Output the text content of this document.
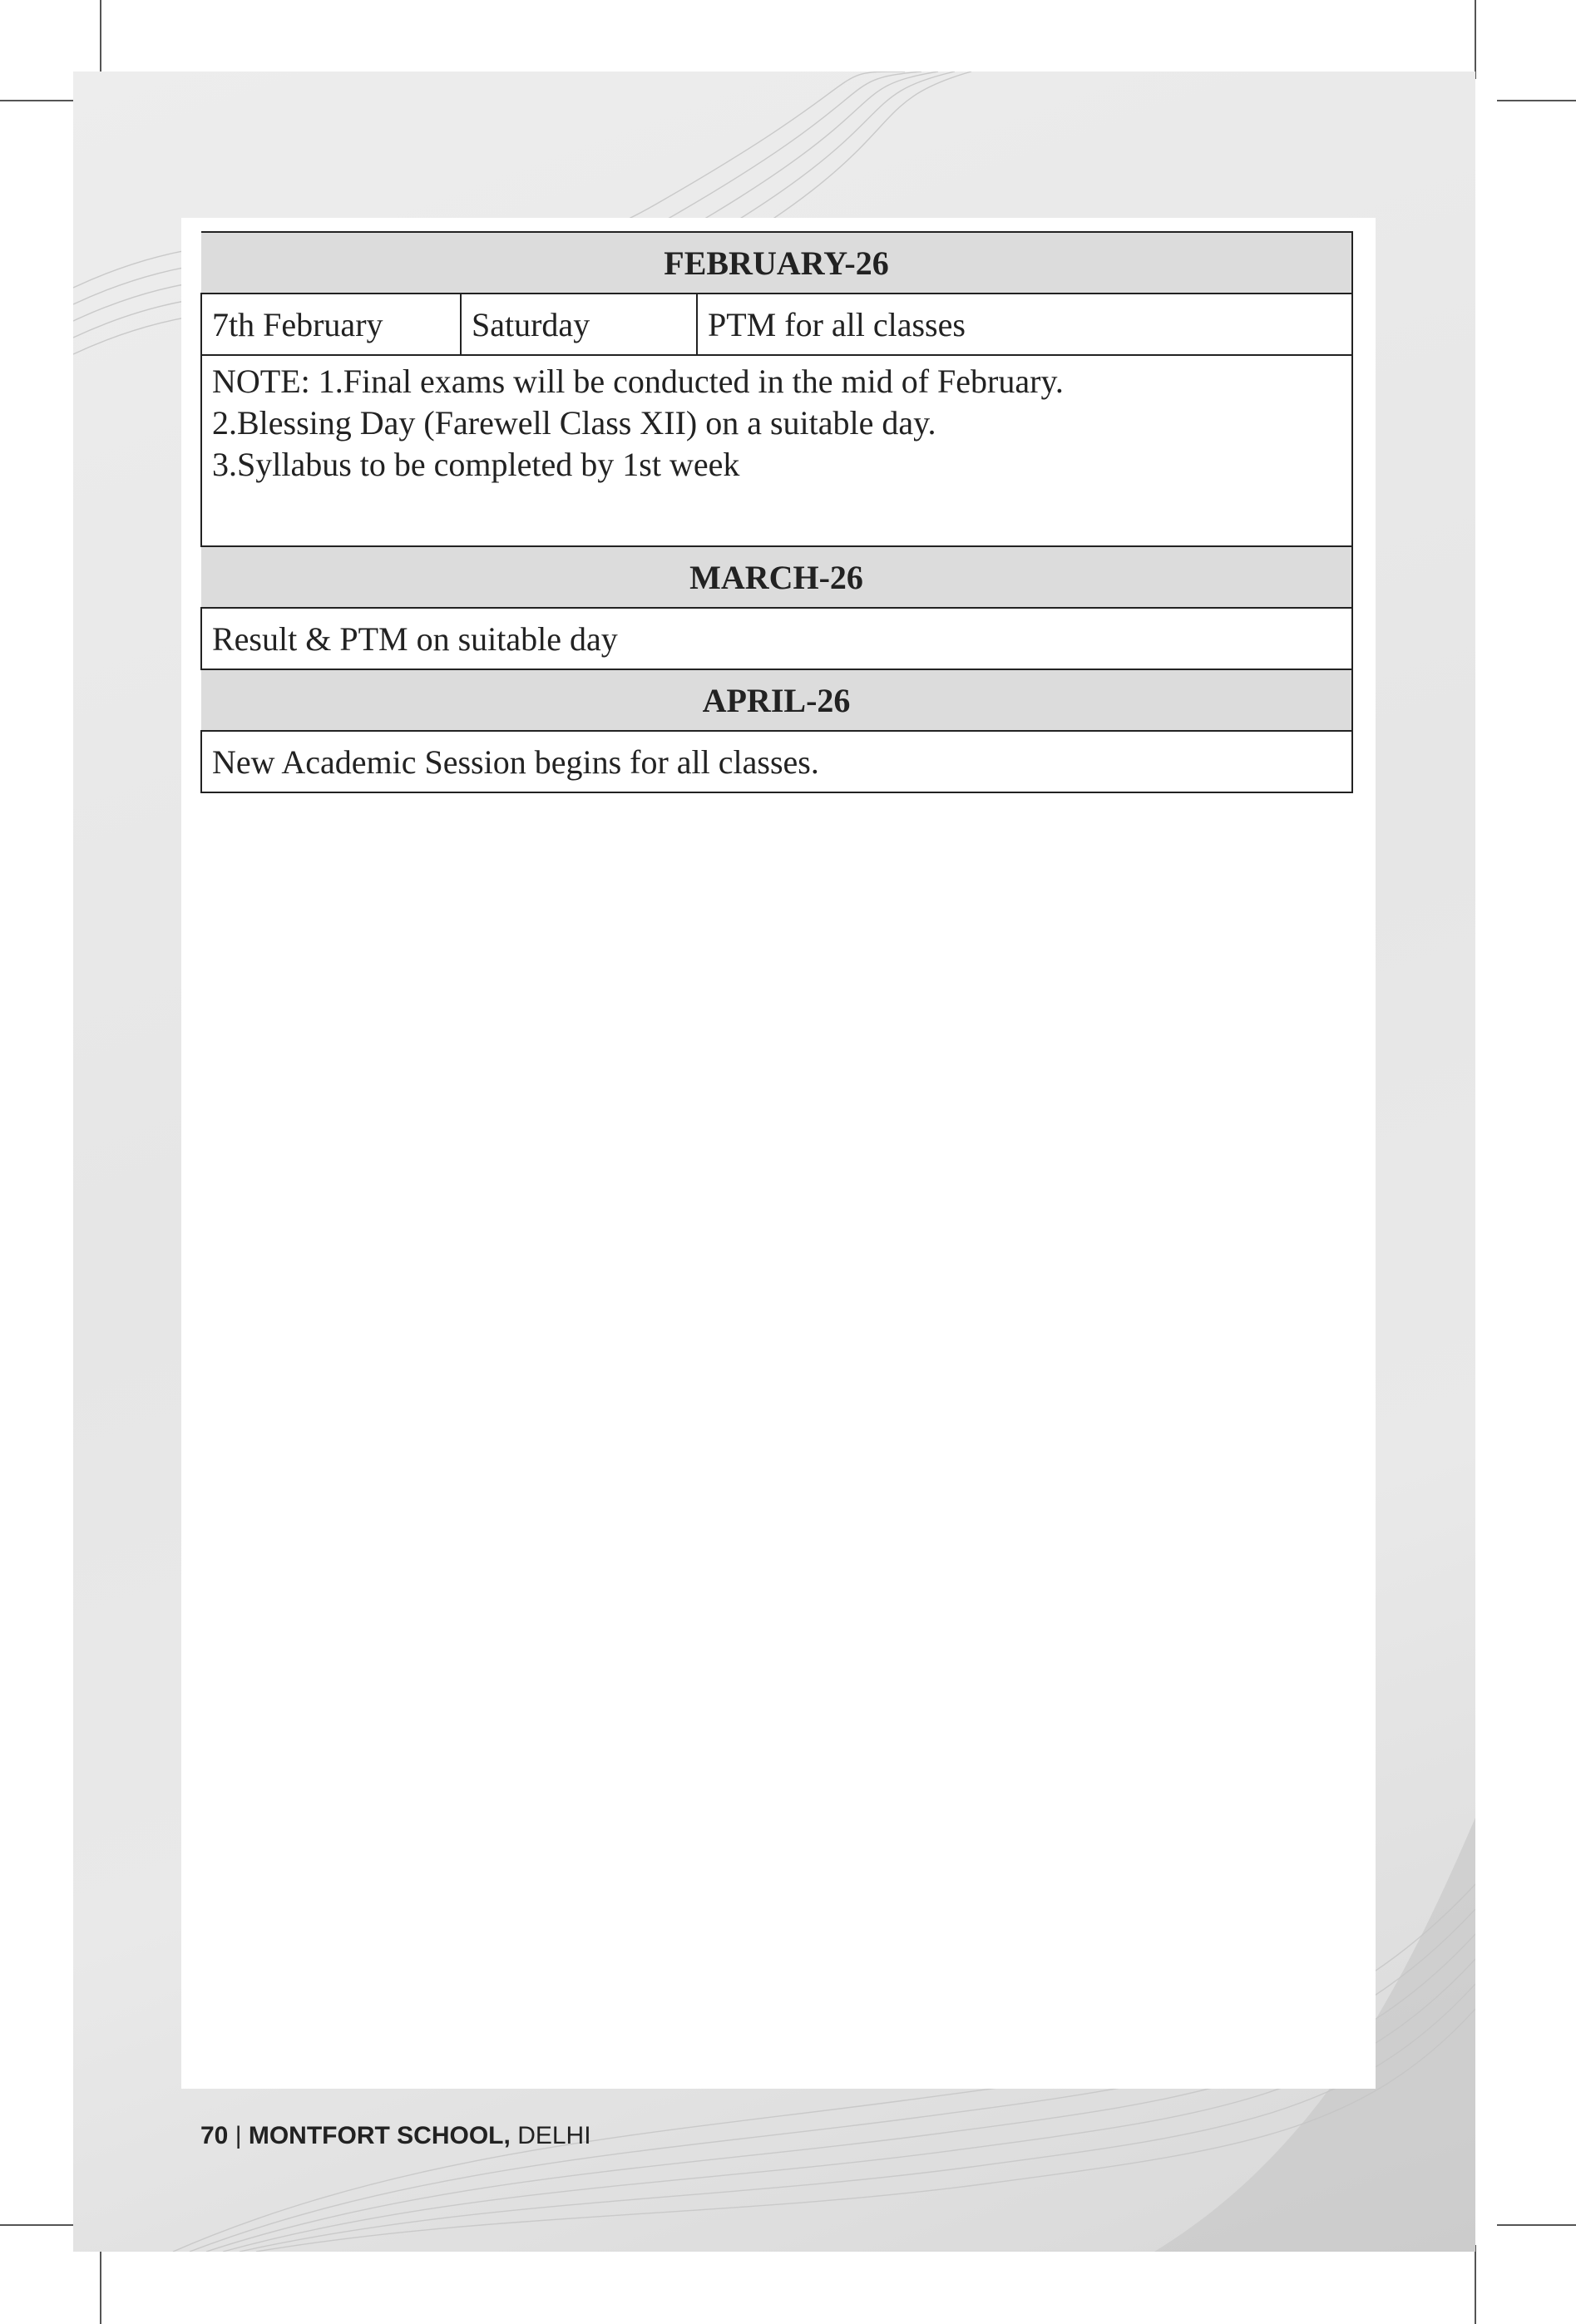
FEBRUARY-26
7th February	Saturday	PTM for all classes

NOTE: 1.Final exams will be conducted in the mid of February.
2.Blessing Day (Farewell Class XII) on a suitable day.
3.Syllabus to be completed by 1st week

MARCH-26
Result & PTM on suitable day
APRIL-26
New Academic Session begins for all classes.
70 | MONTFORT SCHOOL, DELHI
